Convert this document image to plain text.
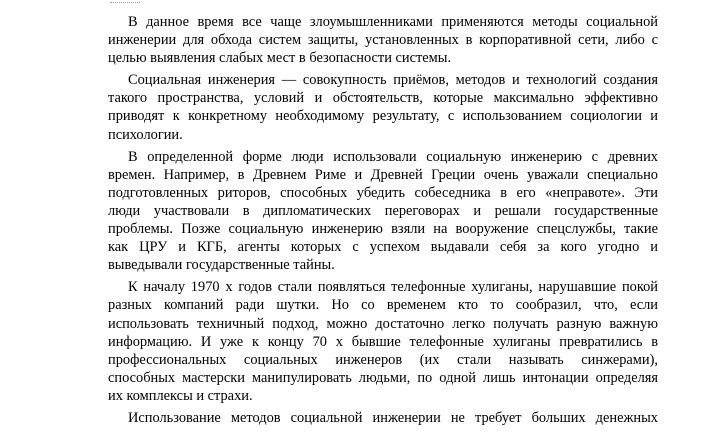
В данное время все чаще злоумышленниками применяются методы социальной
инженерии для обхода систем защиты, установленных в корпоративной сети, либо с
целью выявления слабых мест в безопасности системы.

Социальная инженерия — совокупность приёмов, методов и технологий создания
такого пространства, условий и обстоятельств, которые максимально эффективно
приводят к конкретному необходимому результату, с использованием социологии и
психологии.

В определенной форме люди использовали социальную инженерию с древних
времен. Например, в Древнем Риме и Древней Греции очень уважали специально
подготовленных риторов, способных убедить собеседника в его «неправоте». Эти
люди участвовали в дипломатических переговорах и решали государственные
проблемы. Позже социальную инженерию взяли на вооружение спецслужбы, такие
как ЦРУ и КГБ, агенты которых с успехом выдавали себя за кого угодно и
выведывали государственные тайны.

К началу 1970 х годов стали появляться телефонные хулиганы, нарушавшие покой
разных компаний ради шутки. Но со временем кто то сообразил, что, если
использовать техничный подход, можно достаточно легко получать разную важную
информацию. И уже к концу 70 х бывшие телефонные хулиганы превратились в
профессиональных социальных инженеров (их стали называть синжерами),
способных мастерски манипулировать людьми, по одной лишь интонации определяя
их комплексы и страхи.

Использование методов социальной инженерии не требует больших денежных
